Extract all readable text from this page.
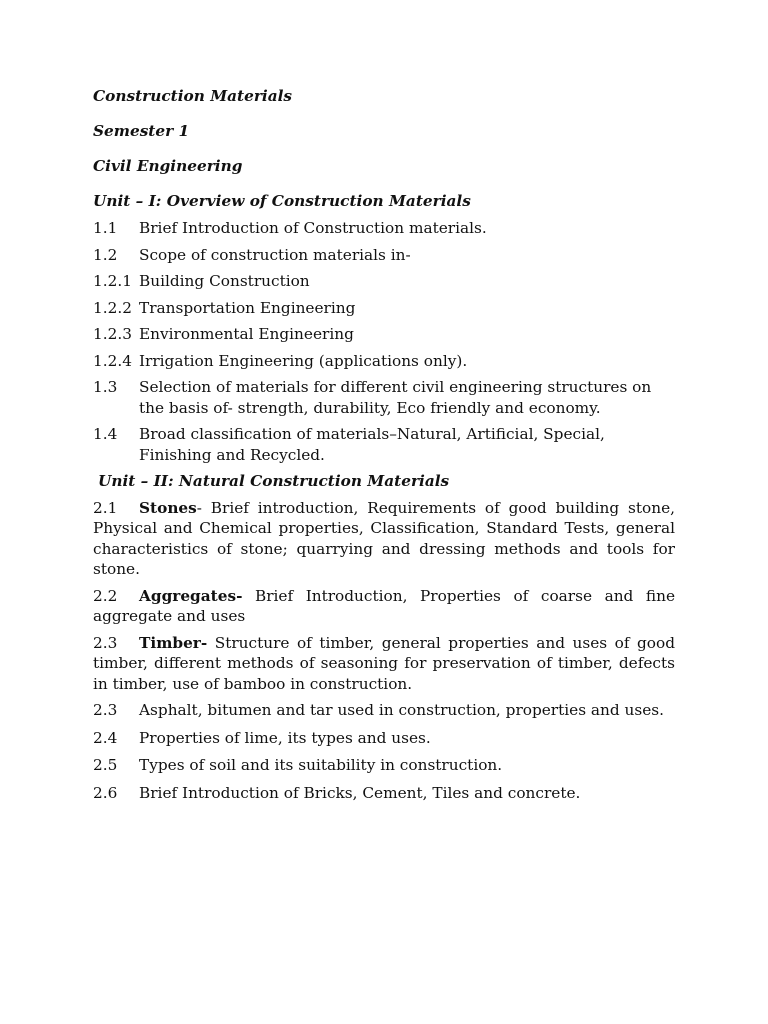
Construction Materials

Semester 1

Civil Engineering

Unit – I: Overview of Construction Materials

1.1	Brief Introduction of Construction materials.
1.2	Scope of construction materials in-
1.2.1 Building Construction
1.2.2 Transportation Engineering
1.2.3 Environmental Engineering
1.2.4 Irrigation Engineering (applications only).
1.3	Selection of materials for different civil engineering structures on the basis of- strength, durability, Eco friendly and economy.
1.4	Broad classification of materials–Natural, Artificial, Special, Finishing and Recycled.

Unit – II: Natural Construction Materials

2.1 Stones- Brief introduction, Requirements of good building stone, Physical and Chemical properties, Classification, Standard Tests, general characteristics of stone; quarrying and dressing methods and tools for stone.

2.2 Aggregates- Brief Introduction, Properties of coarse and fine aggregate and uses

2.3 Timber- Structure of timber, general properties and uses of good timber, different methods of seasoning for preservation of timber, defects in timber, use of bamboo in construction.

2.3	Asphalt, bitumen and tar used in construction, properties and uses.
2.4	Properties of lime, its types and uses.
2.5	Types of soil and its suitability in construction.
2.6	Brief Introduction of Bricks, Cement, Tiles and concrete.
